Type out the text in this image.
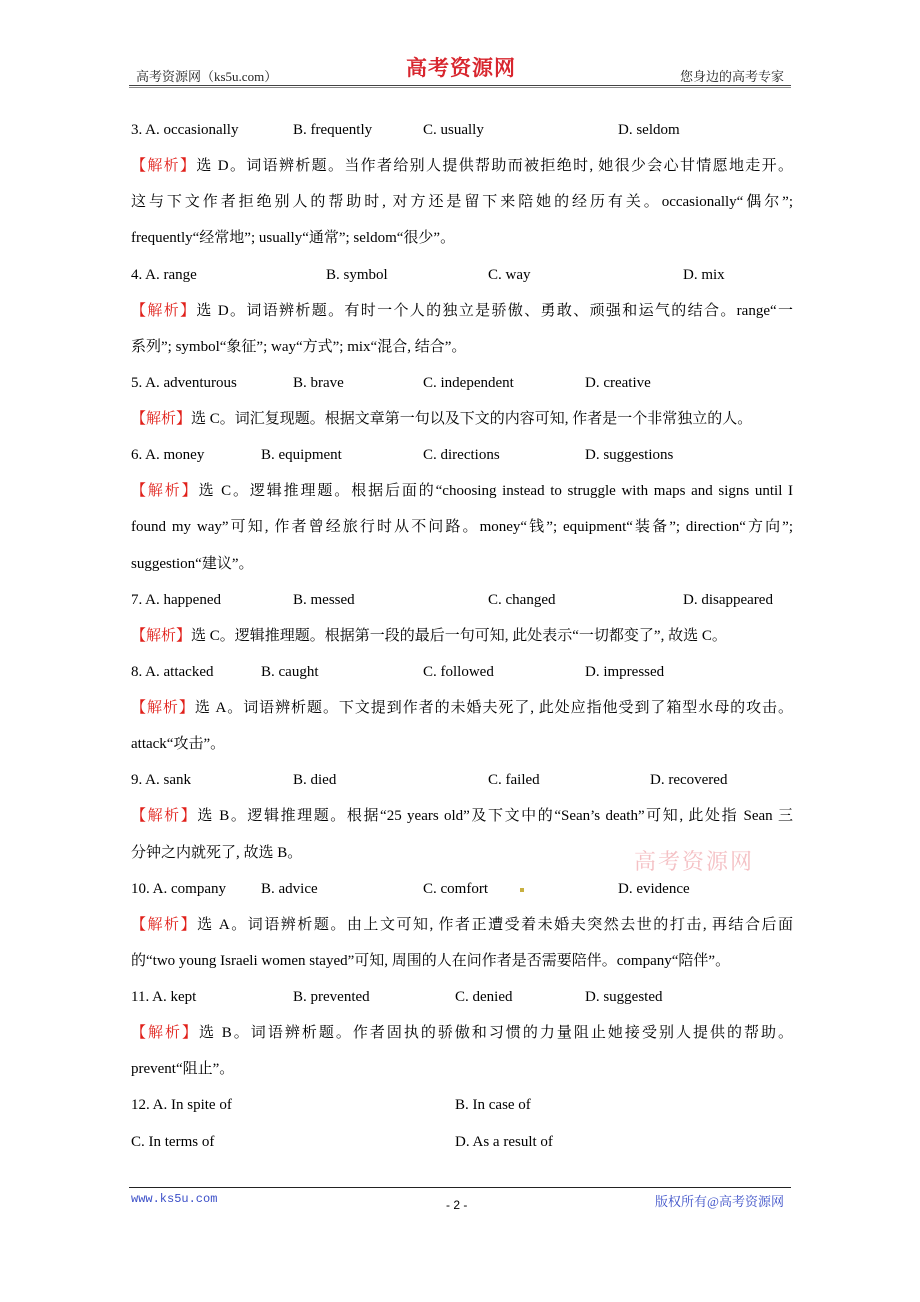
高考资源网（ks5u.com）	高考资源网	您身边的高考专家
3. A. occasionally	B. frequently	C. usually	D. seldom
【解析】选 D。词语辨析题。当作者给别人提供帮助而被拒绝时, 她很少会心甘情愿地走开。
这与下文作者拒绝别人的帮助时, 对方还是留下来陪她的经历有关。occasionally“偶尔”;
frequently“经常地”; usually“通常”; seldom“很少”。
4. A. range	B. symbol	C. way	D. mix
【解析】选 D。词语辨析题。有时一个人的独立是骄傲、勇敢、顽强和运气的结合。range“一
系列”; symbol“象征”; way“方式”; mix“混合, 结合”。
5. A. adventurous	B. brave	C. independent	D. creative
【解析】选 C。词汇复现题。根据文章第一句以及下文的内容可知, 作者是一个非常独立的人。
6. A. money	B. equipment	C. directions	D. suggestions
【解析】选 C。逻辑推理题。根据后面的“choosing instead to struggle with maps and signs until I
found my way”可知, 作者曾经旅行时从不问路。money“钱”; equipment“装备”; direction“方向”;
suggestion“建议”。
7. A. happened	B. messed	C. changed	D. disappeared
【解析】选 C。逻辑推理题。根据第一段的最后一句可知, 此处表示“一切都变了”, 故选 C。
8. A. attacked	B. caught	C. followed	D. impressed
【解析】选 A。词语辨析题。下文提到作者的未婚夫死了, 此处应指他受到了箱型水母的攻击。
attack“攻击”。
9. A. sank	B. died	C. failed	D. recovered
【解析】选 B。逻辑推理题。根据“25 years old”及下文中的“Sean’s death”可知, 此处指 Sean 三
分钟之内就死了, 故选 B。
10. A. company B. advice	C. comfort	D. evidence
【解析】选 A。词语辨析题。由上文可知, 作者正遭受着未婚夫突然去世的打击, 再结合后面
的“two young Israeli women stayed”可知, 周围的人在问作者是否需要陪伴。company“陪伴”。
11. A. kept	B. prevented	C. denied	D. suggested
【解析】选 B。词语辨析题。作者固执的骄傲和习惯的力量阻止她接受别人提供的帮助。
prevent“阻止”。
12. A. In spite of	B. In case of
C. In terms of	D. As a result of
高考资源网
www.ks5u.com	- 2 -	版权所有@高考资源网
